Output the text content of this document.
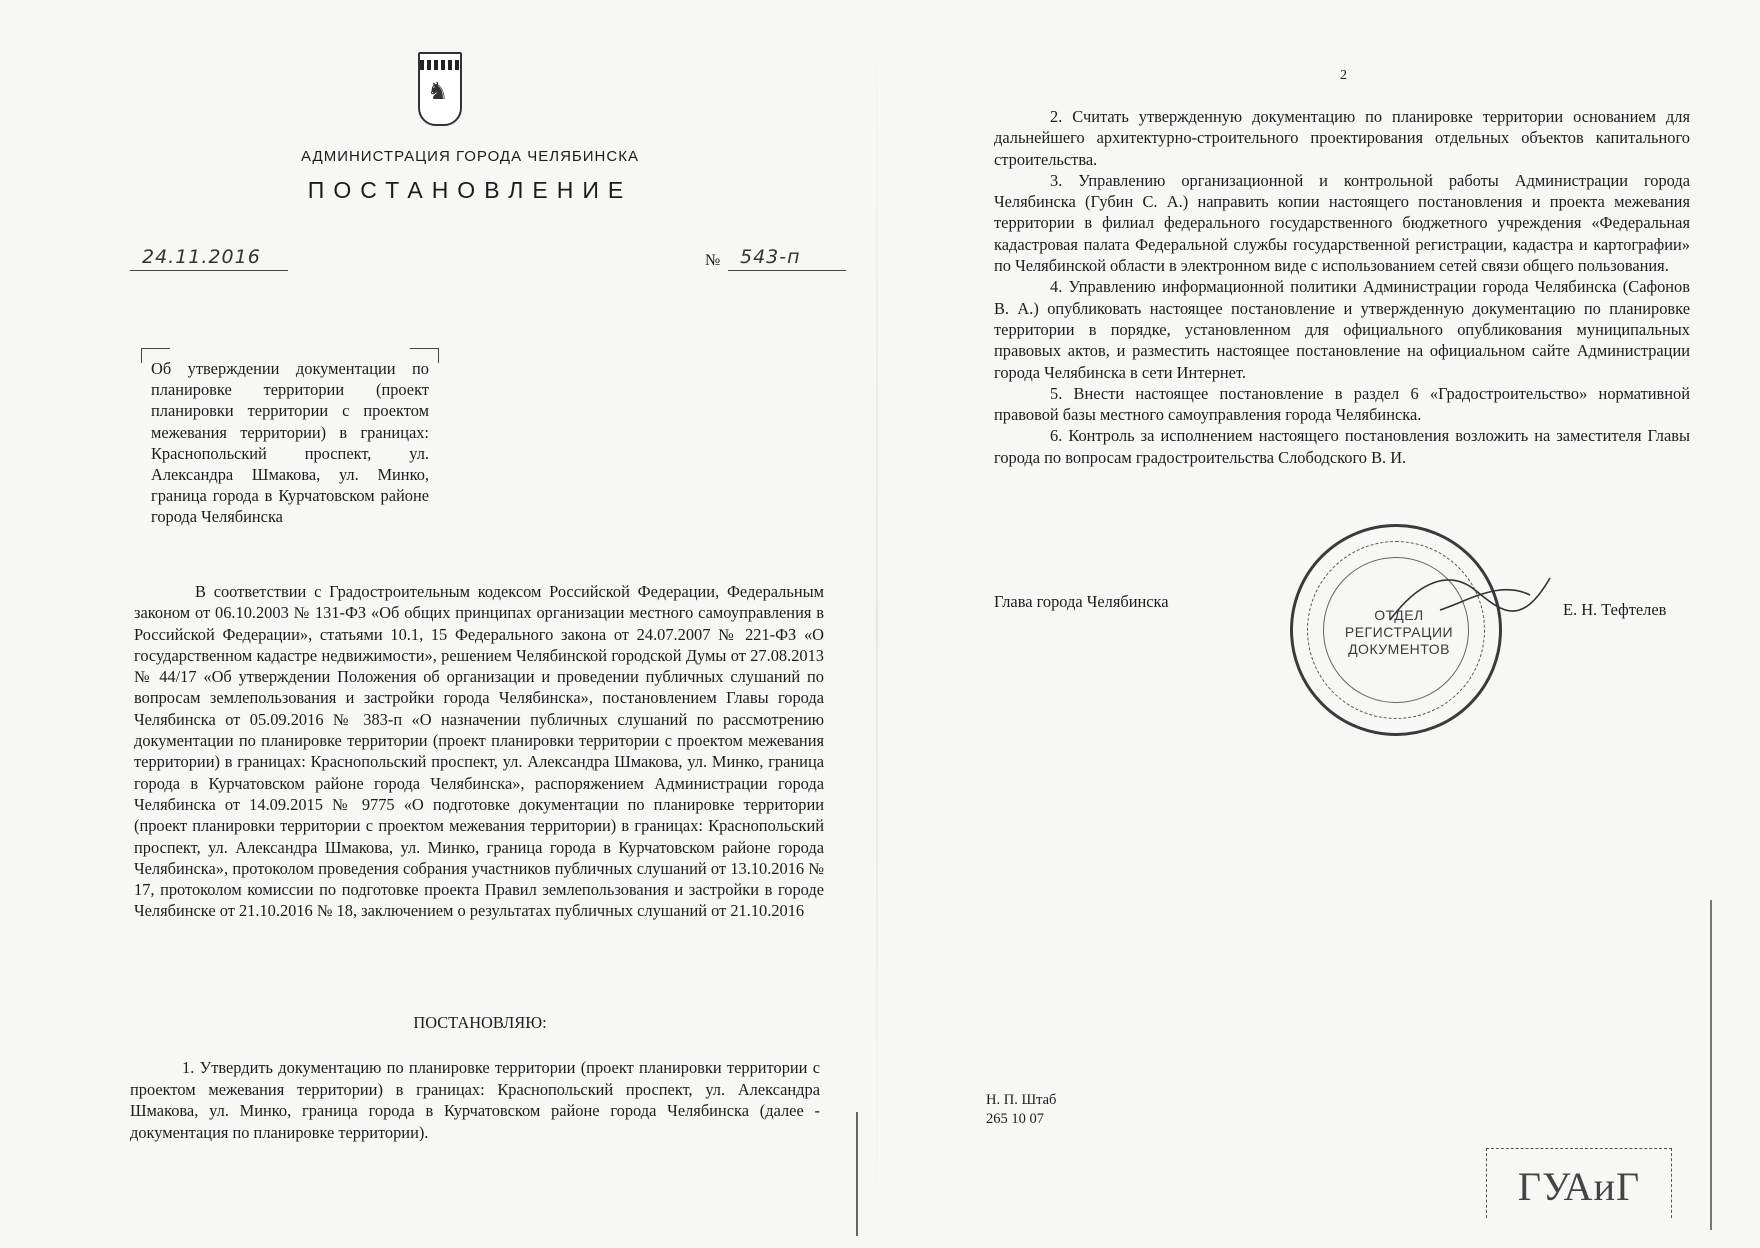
♞
АДМИНИСТРАЦИЯ ГОРОДА ЧЕЛЯБИНСКА
ПОСТАНОВЛЕНИЕ
24.11.2016	№ 543-п
Об утверждении документации по планировке территории (проект планировки территории с проектом межевания территории) в границах: Краснопольский проспект, ул. Александра Шмакова, ул. Минко, граница города в Курчатовском районе города Челябинска

В соответствии с Градостроительным кодексом Российской Федерации, Федеральным законом от 06.10.2003 № 131-ФЗ «Об общих принципах организации местного самоуправления в Российской Федерации», статьями 10.1, 15 Федерального закона от 24.07.2007 № 221-ФЗ «О государственном кадастре недвижимости», решением Челябинской городской Думы от 27.08.2013 № 44/17 «Об утверждении Положения об организации и проведении публичных слушаний по вопросам землепользования и застройки города Челябинска», постановлением Главы города Челябинска от 05.09.2016 № 383-п «О назначении публичных слушаний по рассмотрению документации по планировке территории (проект планировки территории с проектом межевания территории) в границах: Краснопольский проспект, ул. Александра Шмакова, ул. Минко, граница города в Курчатовском районе города Челябинска», распоряжением Администрации города Челябинска от 14.09.2015 № 9775 «О подготовке документации по планировке территории (проект планировки территории с проектом межевания территории) в границах: Краснопольский проспект, ул. Александра Шмакова, ул. Минко, граница города в Курчатовском районе города Челябинска», протоколом проведения собрания участников публичных слушаний от 13.10.2016 № 17, протоколом комиссии по подготовке проекта Правил землепользования и застройки в городе Челябинске от 21.10.2016 № 18, заключением о результатах публичных слушаний от 21.10.2016

ПОСТАНОВЛЯЮ:

1. Утвердить документацию по планировке территории (проект планировки территории с проектом межевания территории) в границах: Краснопольский проспект, ул. Александра Шмакова, ул. Минко, граница города в Курчатовском районе города Челябинска (далее - документация по планировке территории).

2

2. Считать утвержденную документацию по планировке территории основанием для дальнейшего архитектурно-строительного проектирования отдельных объектов капитального строительства.

3. Управлению организационной и контрольной работы Администрации города Челябинска (Губин С. А.) направить копии настоящего постановления и проекта межевания территории в филиал федерального государственного бюджетного учреждения «Федеральная кадастровая палата Федеральной службы государственной регистрации, кадастра и картографии» по Челябинской области в электронном виде с использованием сетей связи общего пользования.

4. Управлению информационной политики Администрации города Челябинска (Сафонов В. А.) опубликовать настоящее постановление и утвержденную документацию по планировке территории в порядке, установленном для официального опубликования муниципальных правовых актов, и разместить настоящее постановление на официальном сайте Администрации города Челябинска в сети Интернет.

5. Внести настоящее постановление в раздел 6 «Градостроительство» нормативной правовой базы местного самоуправления города Челябинска.

6. Контроль за исполнением настоящего постановления возложить на заместителя Главы города по вопросам градостроительства Слободского В. И.

Глава города Челябинска
ОТДЕЛ РЕГИСТРАЦИИ ДОКУМЕНТОВ
Е. Н. Тефтелев
Н. П. Штаб
265 10 07
ГУАиГ
